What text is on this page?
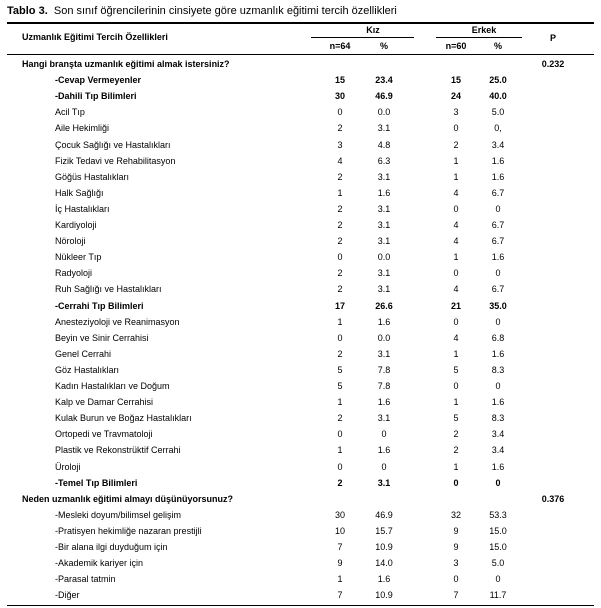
Tablo 3. Son sınıf öğrencilerinin cinsiyete göre uzmanlık eğitimi tercih özellikleri
Uzmanlık Eğitimi Tercih Özellikleri
Kız	Erkek
P
n=64	%	n=60	%
Hangi branşta uzmanlık eğitimi almak istersiniz?	0.232
-Cevap Vermeyenler	15	23.4	15	25.0
-Dahili Tıp Bilimleri	30	46.9	24	40.0
Acil Tıp	0	0.0	3	5.0
Aile Hekimliği	2	3.1	0	0,
Çocuk Sağlığı ve Hastalıkları	3	4.8	2	3.4
Fizik Tedavi ve Rehabilitasyon	4	6.3	1	1.6
Göğüs Hastalıkları	2	3.1	1	1.6
Halk Sağlığı	1	1.6	4	6.7
İç Hastalıkları	2	3.1	0	0
Kardiyoloji	2	3.1	4	6.7
Nöroloji	2	3.1	4	6.7
Nükleer Tıp	0	0.0	1	1.6
Radyoloji	2	3.1	0	0
Ruh Sağlığı ve Hastalıkları	2	3.1	4	6.7
-Cerrahi Tıp Bilimleri	17	26.6	21	35.0
Anesteziyoloji ve Reanimasyon	1	1.6	0	0
Beyin ve Sinir Cerrahisi	0	0.0	4	6.8
Genel Cerrahi	2	3.1	1	1.6
Göz Hastalıkları	5	7.8	5	8.3
Kadın Hastalıkları ve Doğum	5	7.8	0	0
Kalp ve Damar Cerrahisi	1	1.6	1	1.6
Kulak Burun ve Boğaz Hastalıkları	2	3.1	5	8.3
Ortopedi ve Travmatoloji	0	0	2	3.4
Plastik ve Rekonstrüktif Cerrahi	1	1.6	2	3.4
Üroloji	0	0	1	1.6
-Temel Tıp Bilimleri	2	3.1	0	0
Neden uzmanlık eğitimi almayı düşünüyorsunuz?	0.376
-Mesleki doyum/bilimsel gelişim	30	46.9	32	53.3
-Pratisyen hekimliğe nazaran prestijli	10	15.7	9	15.0
-Bir alana ilgi duyduğum için	7	10.9	9	15.0
-Akademik kariyer için	9	14.0	3	5.0
-Parasal tatmin	1	1.6	0	0
-Diğer	7	10.9	7	11.7
